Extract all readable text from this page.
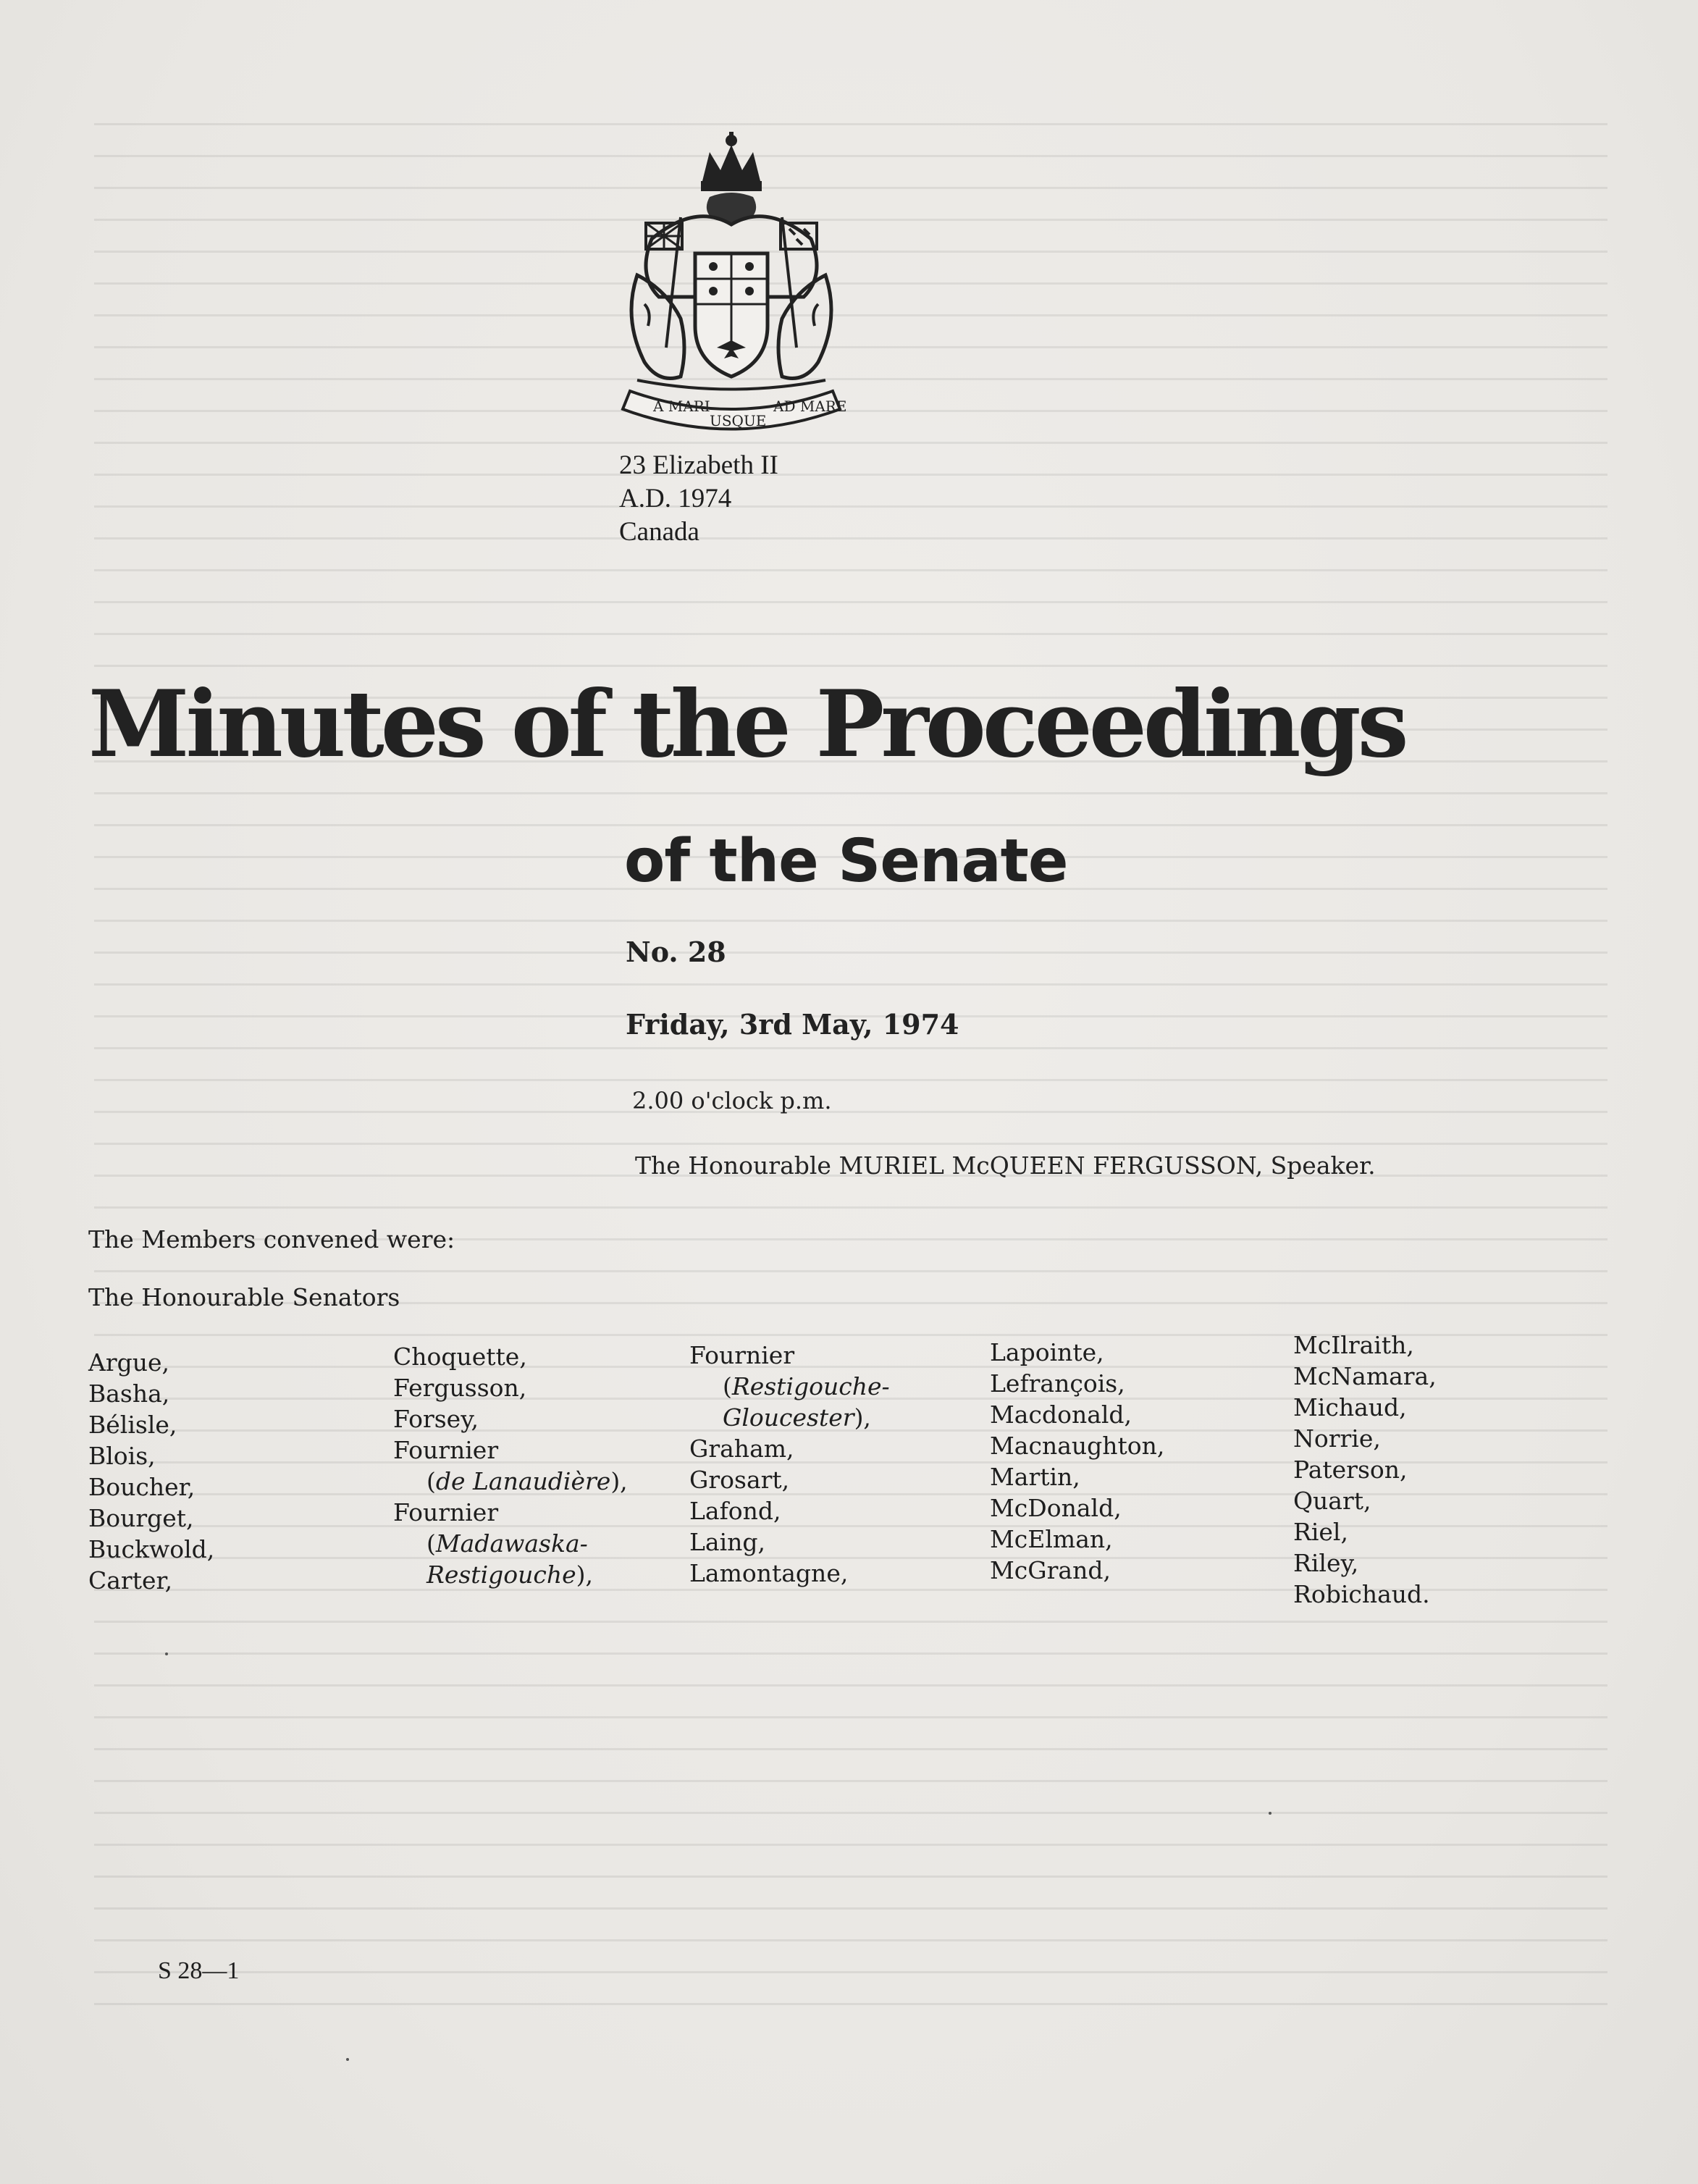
A MARI
USQUE
AD MARE
23 Elizabeth II
A.D. 1974
Canada
Minutes of the Proceedings
of the Senate
No. 28
Friday, 3rd May, 1974
2.00 o'clock p.m.
The Honourable MURIEL McQUEEN FERGUSSON, Speaker.
The Members convened were:
The Honourable Senators
Argue,
Basha,
Bélisle,
Blois,
Boucher,
Bourget,
Buckwold,
Carter,
Choquette,
Fergusson,
Forsey,
Fournier
(de Lanaudière),
Fournier
(Madawaska-
Restigouche),
Fournier
(Restigouche-
Gloucester),
Graham,
Grosart,
Lafond,
Laing,
Lamontagne,
Lapointe,
Lefrançois,
Macdonald,
Macnaughton,
Martin,
McDonald,
McElman,
McGrand,
McIlraith,
McNamara,
Michaud,
Norrie,
Paterson,
Quart,
Riel,
Riley,
Robichaud.
S 28—1
